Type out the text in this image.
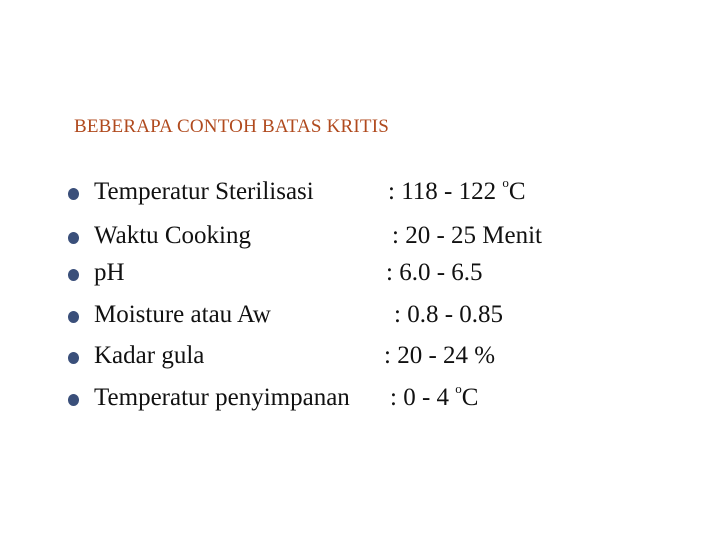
BEBERAPA CONTOH BATAS KRITIS
Temperatur Sterilisasi	: 118 - 122 $^o$C
Waktu Cooking	: 20 - 25 Menit
pH	: 6.0 - 6.5
Moisture atau Aw	: 0.8 - 0.85
Kadar gula	: 20 - 24 %
Temperatur penyimpanan : 0 - 4 $^o$C
